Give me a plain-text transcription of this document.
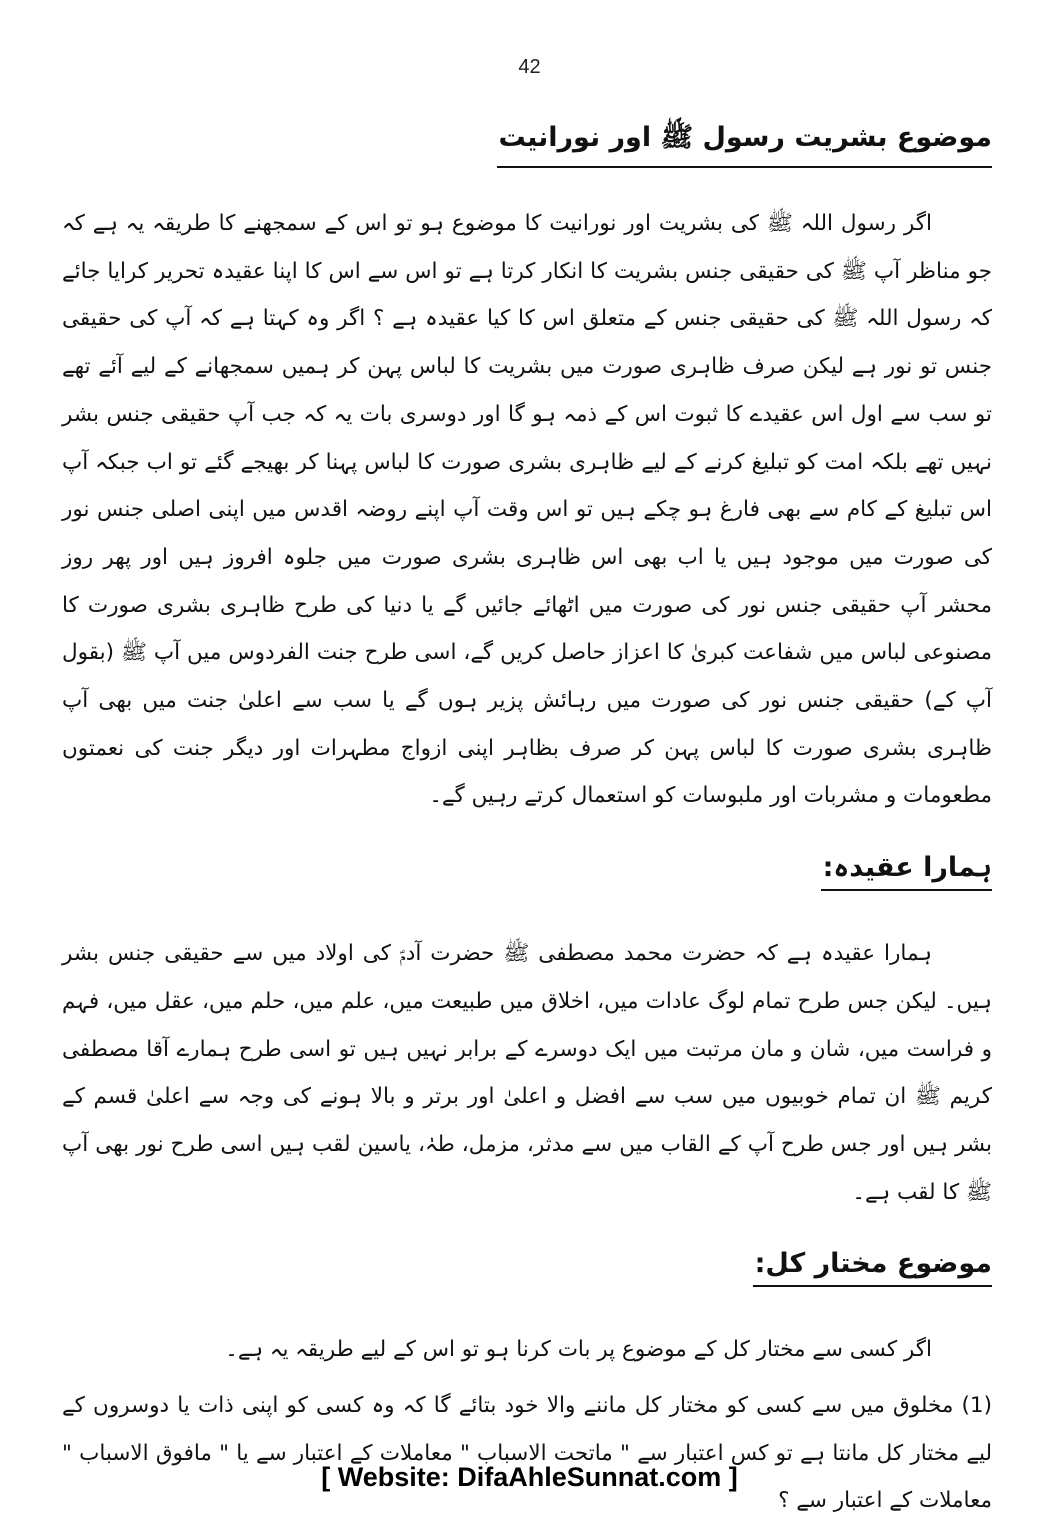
42
موضوع بشریت رسول ﷺ اور نورانیت

اگر رسول اللہ ﷺ کی بشریت اور نورانیت کا موضوع ہو تو اس کے سمجھنے کا طریقہ یہ ہے کہ جو مناظر آپ ﷺ کی حقیقی جنس بشریت کا انکار کرتا ہے تو اس سے اس کا اپنا عقیدہ تحریر کرایا جائے کہ رسول اللہ ﷺ کی حقیقی جنس کے متعلق اس کا کیا عقیدہ ہے ؟ اگر وہ کہتا ہے کہ آپ کی حقیقی جنس تو نور ہے لیکن صرف ظاہری صورت میں بشریت کا لباس پہن کر ہمیں سمجھانے کے لیے آئے تھے تو سب سے اول اس عقیدے کا ثبوت اس کے ذمہ ہو گا اور دوسری بات یہ کہ جب آپ حقیقی جنس بشر نہیں تھے بلکہ امت کو تبلیغ کرنے کے لیے ظاہری بشری صورت کا لباس پہنا کر بھیجے گئے تو اب جبکہ آپ اس تبلیغ کے کام سے بھی فارغ ہو چکے ہیں تو اس وقت آپ اپنے روضہ اقدس میں اپنی اصلی جنس نور کی صورت میں موجود ہیں یا اب بھی اس ظاہری بشری صورت میں جلوہ افروز ہیں اور پھر روز محشر آپ حقیقی جنس نور کی صورت میں اٹھائے جائیں گے یا دنیا کی طرح ظاہری بشری صورت کا مصنوعی لباس میں شفاعت کبریٰ کا اعزاز حاصل کریں گے، اسی طرح جنت الفردوس میں آپ ﷺ (بقول آپ کے) حقیقی جنس نور کی صورت میں رہائش پزیر ہوں گے یا سب سے اعلیٰ جنت میں بھی آپ ظاہری بشری صورت کا لباس پہن کر صرف بظاہر اپنی ازواج مطہرات اور دیگر جنت کی نعمتوں مطعومات و مشربات اور ملبوسات کو استعمال کرتے رہیں گے۔

ہمارا عقیدہ:

ہمارا عقیدہ ہے کہ حضرت محمد مصطفی ﷺ حضرت آدمؑ کی اولاد میں سے حقیقی جنس بشر ہیں۔ لیکن جس طرح تمام لوگ عادات میں، اخلاق میں طبیعت میں، علم میں، حلم میں، عقل میں، فہم و فراست میں، شان و مان مرتبت میں ایک دوسرے کے برابر نہیں ہیں تو اسی طرح ہمارے آقا مصطفی کریم ﷺ ان تمام خوبیوں میں سب سے افضل و اعلیٰ اور برتر و بالا ہونے کی وجہ سے اعلیٰ قسم کے بشر ہیں اور جس طرح آپ کے القاب میں سے مدثر، مزمل، طہٰ، یاسین لقب ہیں اسی طرح نور بھی آپ ﷺ کا لقب ہے۔

موضوع مختار کل:

اگر کسی سے مختار کل کے موضوع پر بات کرنا ہو تو اس کے لیے طریقہ یہ ہے۔

(1) مخلوق میں سے کسی کو مختار کل ماننے والا خود بتائے گا کہ وہ کسی کو اپنی ذات یا دوسروں کے لیے مختار کل مانتا ہے تو کس اعتبار سے " ماتحت الاسباب " معاملات کے اعتبار سے یا " مافوق الاسباب " معاملات کے اعتبار سے ؟

[ Website: DifaAhleSunnat.com ]
